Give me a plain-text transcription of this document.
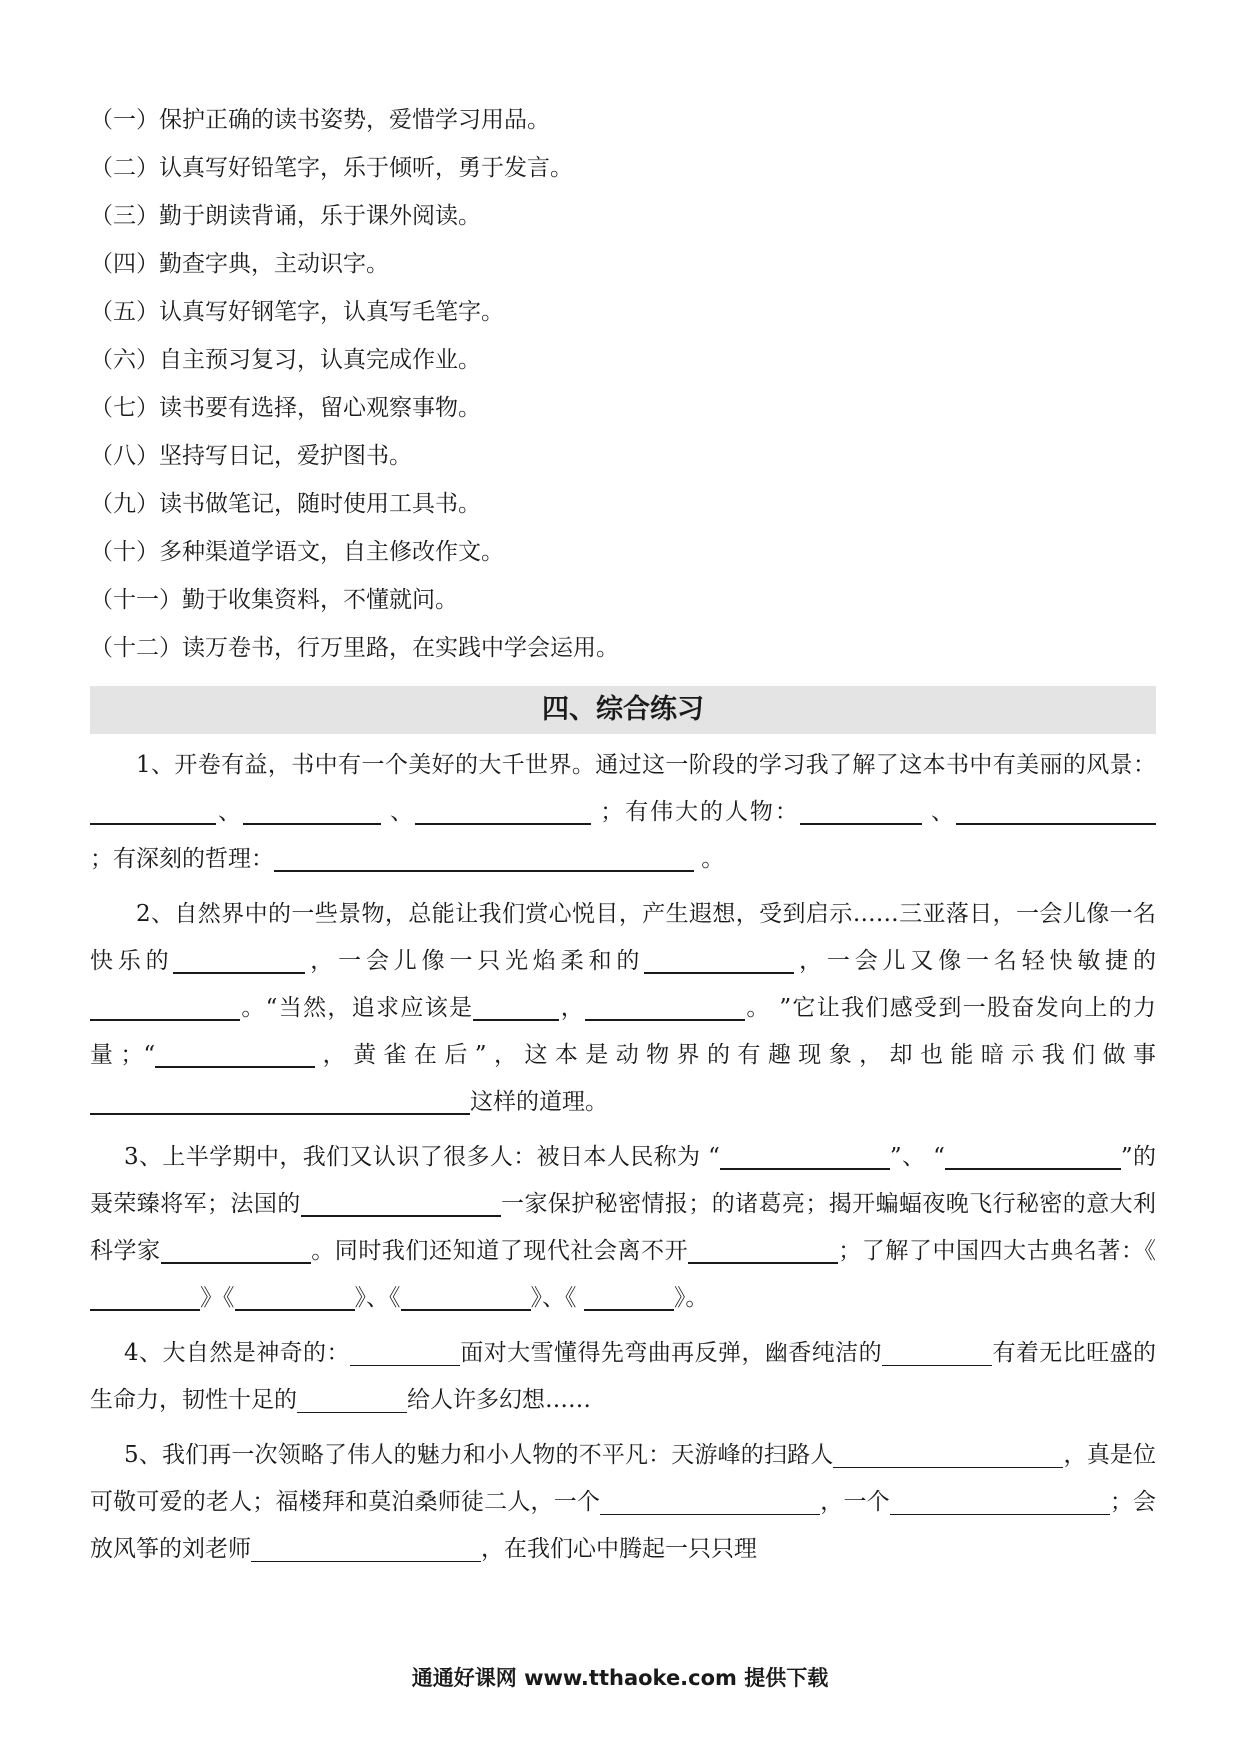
（一）保护正确的读书姿势，爱惜学习用品。
（二）认真写好铅笔字，乐于倾听，勇于发言。
（三）勤于朗读背诵，乐于课外阅读。
（四）勤查字典，主动识字。
（五）认真写好钢笔字，认真写毛笔字。
（六）自主预习复习，认真完成作业。
（七）读书要有选择，留心观察事物。
（八）坚持写日记，爱护图书。
（九）读书做笔记，随时使用工具书。
（十）多种渠道学语文，自主修改作文。
（十一）勤于收集资料，不懂就问。
（十二）读万卷书，行万里路，在实践中学会运用。
四、综合练习
1、开卷有益，书中有一个美好的大千世界。通过这一阶段的学习我了解了这本书中有美丽的风景：、	、	；有伟大的人物：	、 ；有深刻的哲理：	。
2、自然界中的一些景物，总能让我们赏心悦目，产生遐想，受到启示……三亚落日，一会儿像一名快乐的	，一会儿像一只光焰柔和的	，一会儿又像一名轻快敏捷的。“当然，追求应该是	，	。 ”它让我们感受到一股奋发向上的力量；“	，黄雀在后”，这本是动物界的有趣现象，却也能暗示我们做事这样的道理。
3、上半学期中，我们又认识了很多人：被日本人民称为 “	”、 “	”的聂荣臻将军；法国的	一家保护秘密情报；的诸葛亮；揭开蝙蝠夜晚飞行秘密的意大利科学家	。同时我们还知道了现代社会离不开	；了解了中国四大古典名著：《》《	》、《	》、《	》。
4、大自然是神奇的：	面对大雪懂得先弯曲再反弹，幽香纯洁的	有着无比旺盛的生命力，韧性十足的	给人许多幻想……
5、我们再一次领略了伟人的魅力和小人物的不平凡：天游峰的扫路人	，真是位可敬可爱的老人；福楼拜和莫泊桑师徒二人，一个	，一个	；会放风筝的刘老师	，在我们心中腾起一只只理
通通好课网 www.tthaoke.com 提供下载
